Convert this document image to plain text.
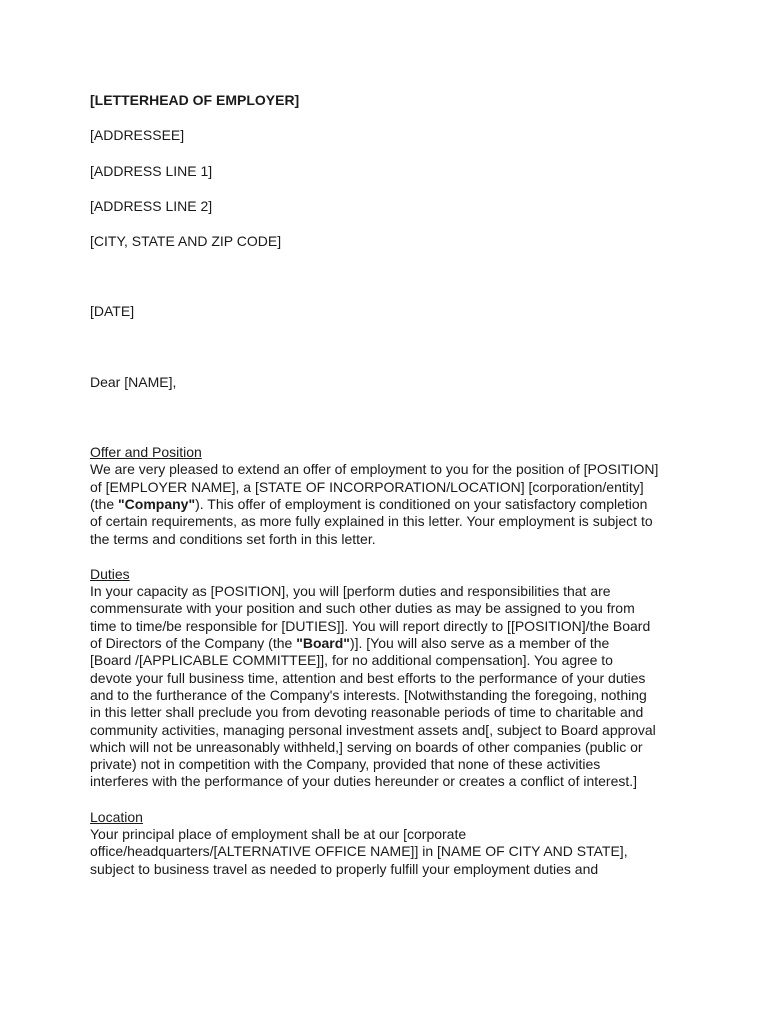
[LETTERHEAD OF EMPLOYER]

[ADDRESSEE]

[ADDRESS LINE 1]

[ADDRESS LINE 2]

[CITY, STATE AND ZIP CODE]

[DATE]

Dear [NAME],

Offer and Position

We are very pleased to extend an offer of employment to you for the position of [POSITION]
of [EMPLOYER NAME], a [STATE OF INCORPORATION/LOCATION] [corporation/entity]
(the "Company"). This offer of employment is conditioned on your satisfactory completion
of certain requirements, as more fully explained in this letter. Your employment is subject to
the terms and conditions set forth in this letter.

Duties

In your capacity as [POSITION], you will [perform duties and responsibilities that are
commensurate with your position and such other duties as may be assigned to you from
time to time/be responsible for [DUTIES]]. You will report directly to [[POSITION]/the Board
of Directors of the Company (the "Board")]. [You will also serve as a member of the
[Board /[APPLICABLE COMMITTEE]], for no additional compensation]. You agree to
devote your full business time, attention and best efforts to the performance of your duties
and to the furtherance of the Company's interests. [Notwithstanding the foregoing, nothing
in this letter shall preclude you from devoting reasonable periods of time to charitable and
community activities, managing personal investment assets and[, subject to Board approval
which will not be unreasonably withheld,] serving on boards of other companies (public or
private) not in competition with the Company, provided that none of these activities
interferes with the performance of your duties hereunder or creates a conflict of interest.]

Location

Your principal place of employment shall be at our [corporate
office/headquarters/[ALTERNATIVE OFFICE NAME]] in [NAME OF CITY AND STATE],
subject to business travel as needed to properly fulfill your employment duties and
